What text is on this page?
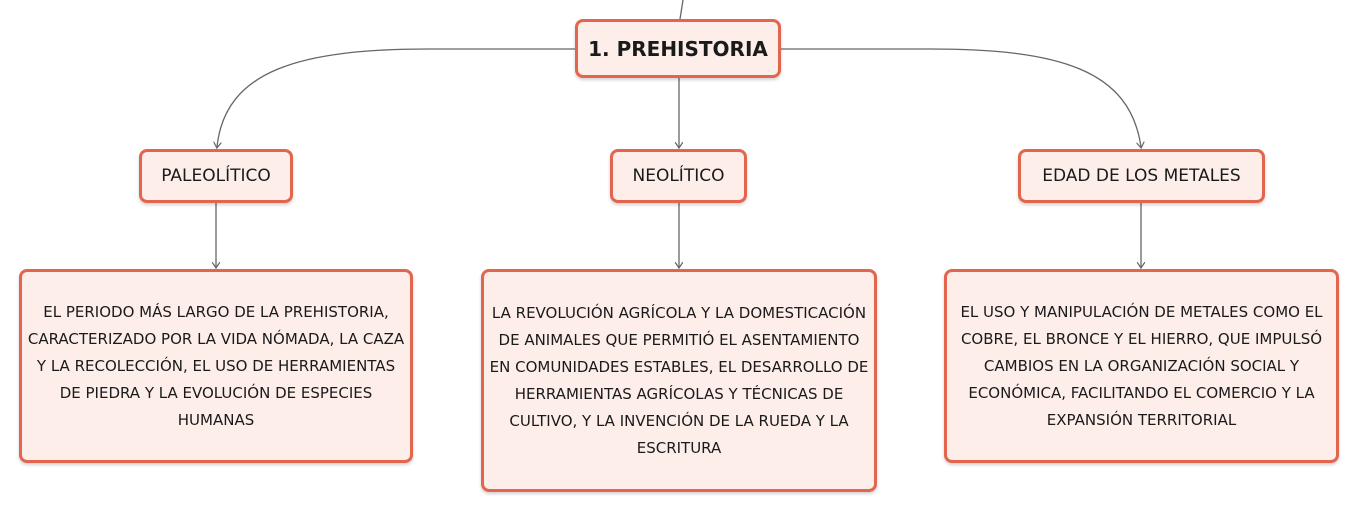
1. PREHISTORIA
PALEOLÍTICO	NEOLÍTICO	EDAD DE LOS METALES
EL PERIODO MÁS LARGO DE LA PREHISTORIA, CARACTERIZADO POR LA VIDA NÓMADA, LA CAZA Y LA RECOLECCIÓN, EL USO DE HERRAMIENTAS DE PIEDRA Y LA EVOLUCIÓN DE ESPECIES HUMANAS
LA REVOLUCIÓN AGRÍCOLA Y LA DOMESTICACIÓN DE ANIMALES QUE PERMITIÓ EL ASENTAMIENTO EN COMUNIDADES ESTABLES, EL DESARROLLO DE HERRAMIENTAS AGRÍCOLAS Y TÉCNICAS DE CULTIVO, Y LA INVENCIÓN DE LA RUEDA Y LA ESCRITURA
EL USO Y MANIPULACIÓN DE METALES COMO EL COBRE, EL BRONCE Y EL HIERRO, QUE IMPULSÓ CAMBIOS EN LA ORGANIZACIÓN SOCIAL Y ECONÓMICA, FACILITANDO EL COMERCIO Y LA EXPANSIÓN TERRITORIAL
